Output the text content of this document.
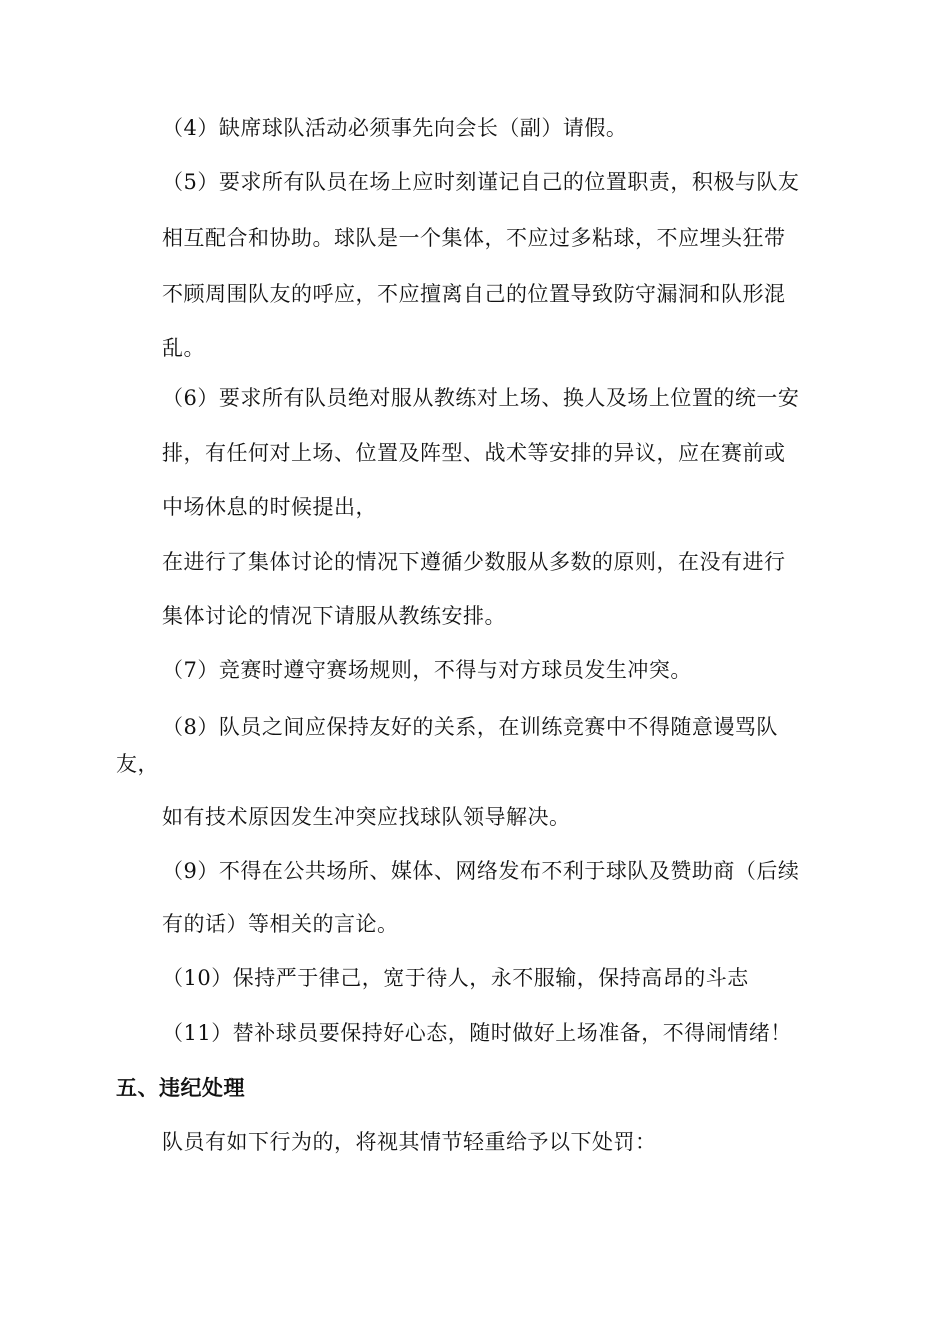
（4）缺席球队活动必须事先向会长（副）请假。
（5）要求所有队员在场上应时刻谨记自己的位置职责，积极与队友
相互配合和协助。球队是一个集体，不应过多粘球，不应埋头狂带
不顾周围队友的呼应，不应擅离自己的位置导致防守漏洞和队形混
乱。
（6）要求所有队员绝对服从教练对上场、换人及场上位置的统一安
排，有任何对上场、位置及阵型、战术等安排的异议，应在赛前或
中场休息的时候提出，
在进行了集体讨论的情况下遵循少数服从多数的原则，在没有进行
集体讨论的情况下请服从教练安排。
（7）竞赛时遵守赛场规则，不得与对方球员发生冲突。
（8）队员之间应保持友好的关系，在训练竞赛中不得随意谩骂队
友，
如有技术原因发生冲突应找球队领导解决。
（9）不得在公共场所、媒体、网络发布不利于球队及赞助商（后续
有的话）等相关的言论。
（10）保持严于律己，宽于待人，永不服输，保持高昂的斗志
（11）替补球员要保持好心态，随时做好上场准备，不得闹情绪！
五、违纪处理
队员有如下行为的，将视其情节轻重给予以下处罚：
